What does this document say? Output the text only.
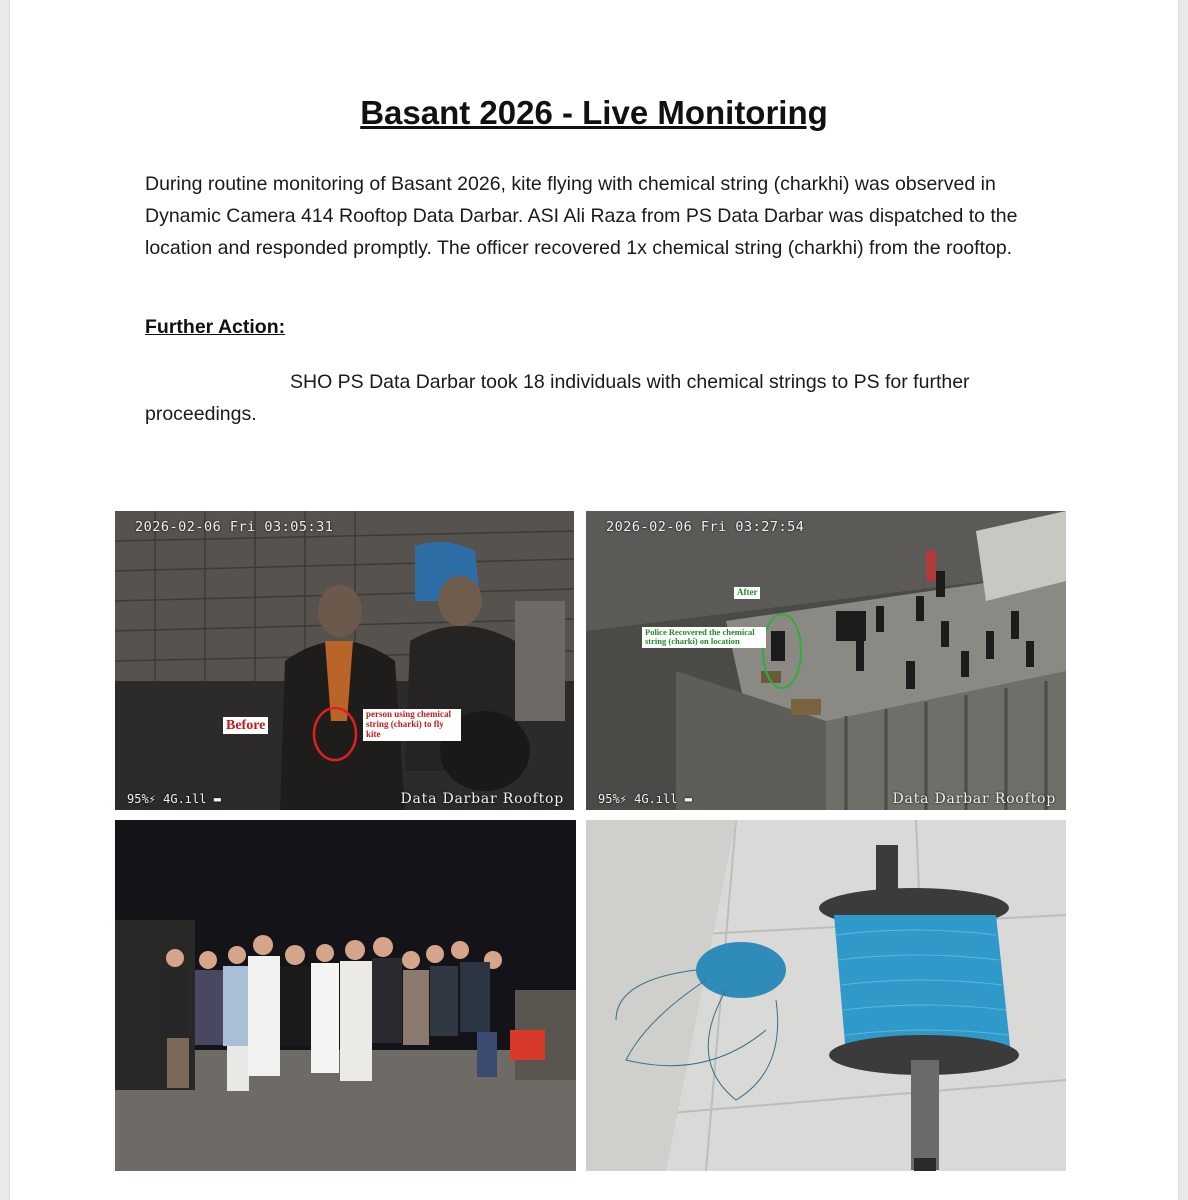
Basant 2026 - Live Monitoring

During routine monitoring of Basant 2026, kite flying with chemical string (charkhi) was observed in Dynamic Camera 414 Rooftop Data Darbar. ASI Ali Raza from PS Data Darbar was dispatched to the location and responded promptly. The officer recovered 1x chemical string (charkhi) from the rooftop.

Further Action:

SHO PS Data Darbar took 18 individuals with chemical strings to PS for further proceedings.

2026-02-06 Fri 03:05:31
Before
person using chemical string (charki) to fly kite
95%⚡ 4G.ıll ▬	Data Darbar Rooftop
2026-02-06 Fri 03:27:54
After
Police Recovered the chemical string (charki) on location
95%⚡ 4G.ıll ▬	Data Darbar Rooftop
